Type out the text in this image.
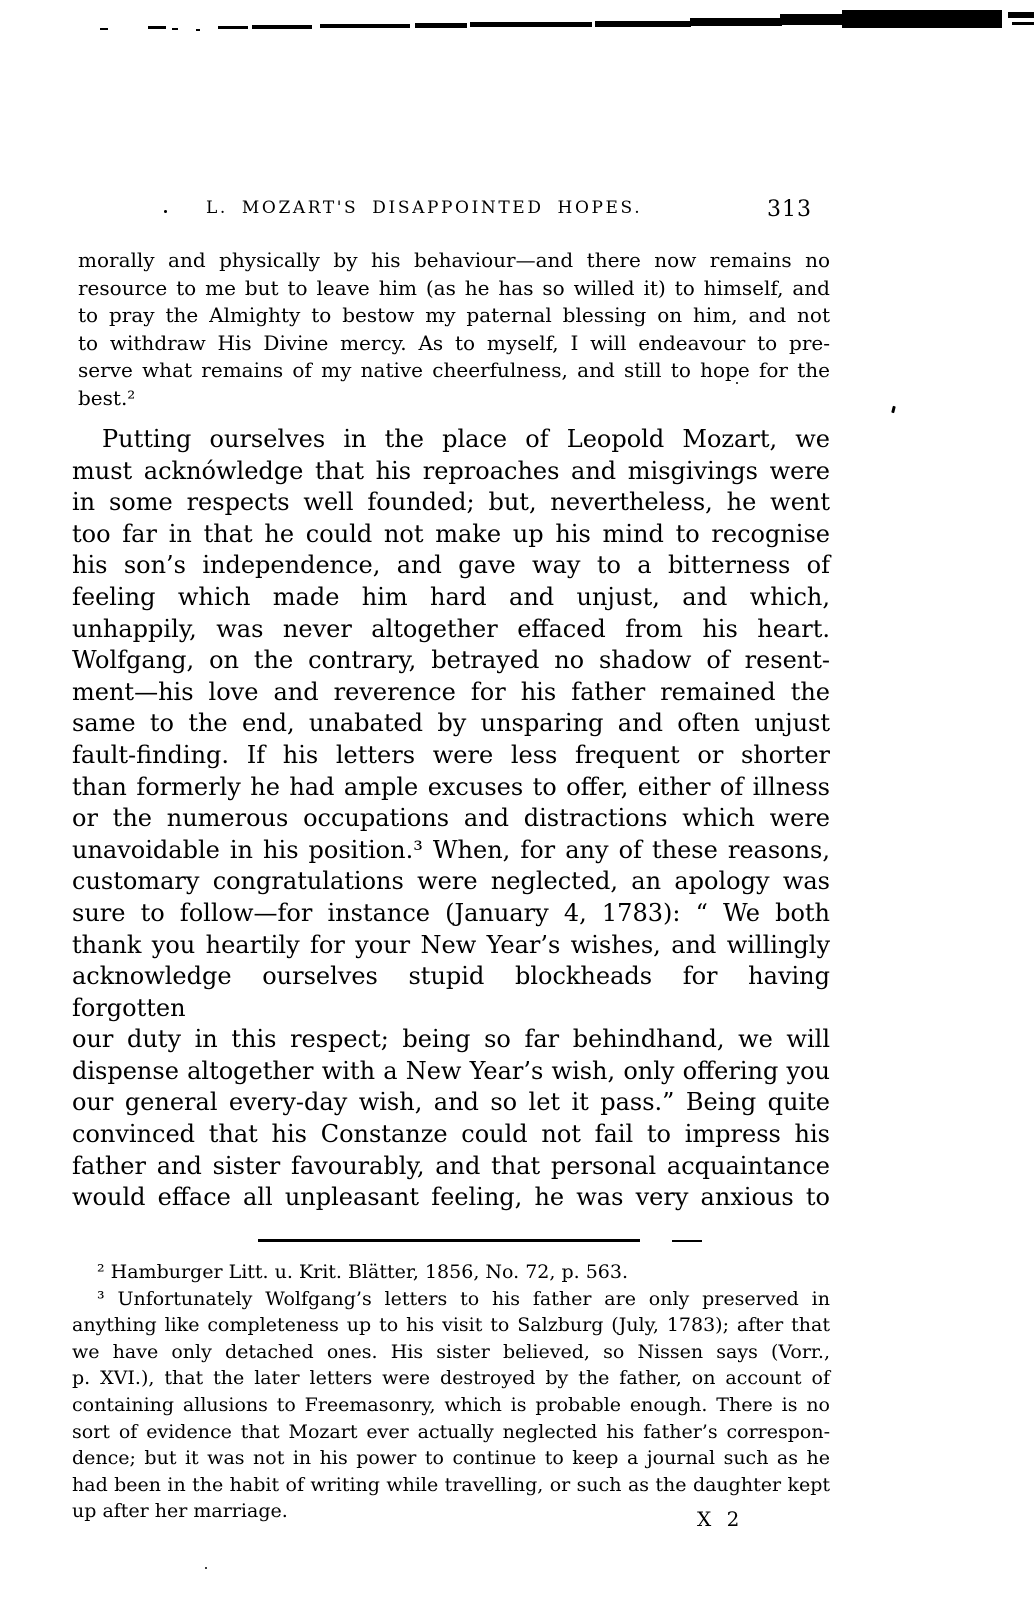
L. MOZART'S DISAPPOINTED HOPES.	313
morally and physically by his behaviour—and there now remains no
resource to me but to leave him (as he has so willed it) to himself, and
to pray the Almighty to bestow my paternal blessing on him, and not
to withdraw His Divine mercy. As to myself, I will endeavour to pre-
serve what remains of my native cheerfulness, and still to hope for the
best.²
Putting ourselves in the place of Leopold Mozart, we
must acknówledge that his reproaches and misgivings were
in some respects well founded; but, nevertheless, he went
too far in that he could not make up his mind to recognise
his son’s independence, and gave way to a bitterness of
feeling which made him hard and unjust, and which,
unhappily, was never altogether effaced from his heart.
Wolfgang, on the contrary, betrayed no shadow of resent-
ment—his love and reverence for his father remained the
same to the end, unabated by unsparing and often unjust
fault-finding. If his letters were less frequent or shorter
than formerly he had ample excuses to offer, either of illness
or the numerous occupations and distractions which were
unavoidable in his position.³ When, for any of these reasons,
customary congratulations were neglected, an apology was
sure to follow—for instance (January 4, 1783): “ We both
thank you heartily for your New Year’s wishes, and willingly
acknowledge ourselves stupid blockheads for having forgotten
our duty in this respect; being so far behindhand, we will
dispense altogether with a New Year’s wish, only offering you
our general every-day wish, and so let it pass.” Being quite
convinced that his Constanze could not fail to impress his
father and sister favourably, and that personal acquaintance
would efface all unpleasant feeling, he was very anxious to
² Hamburger Litt. u. Krit. Blätter, 1856, No. 72, p. 563.
³ Unfortunately Wolfgang’s letters to his father are only preserved in
anything like completeness up to his visit to Salzburg (July, 1783); after that
we have only detached ones. His sister believed, so Nissen says (Vorr.,
p. XVI.), that the later letters were destroyed by the father, on account of
containing allusions to Freemasonry, which is probable enough. There is no
sort of evidence that Mozart ever actually neglected his father’s correspon-
dence; but it was not in his power to continue to keep a journal such as he
had been in the habit of writing while travelling, or such as the daughter kept
up after her marriage.	X 2
